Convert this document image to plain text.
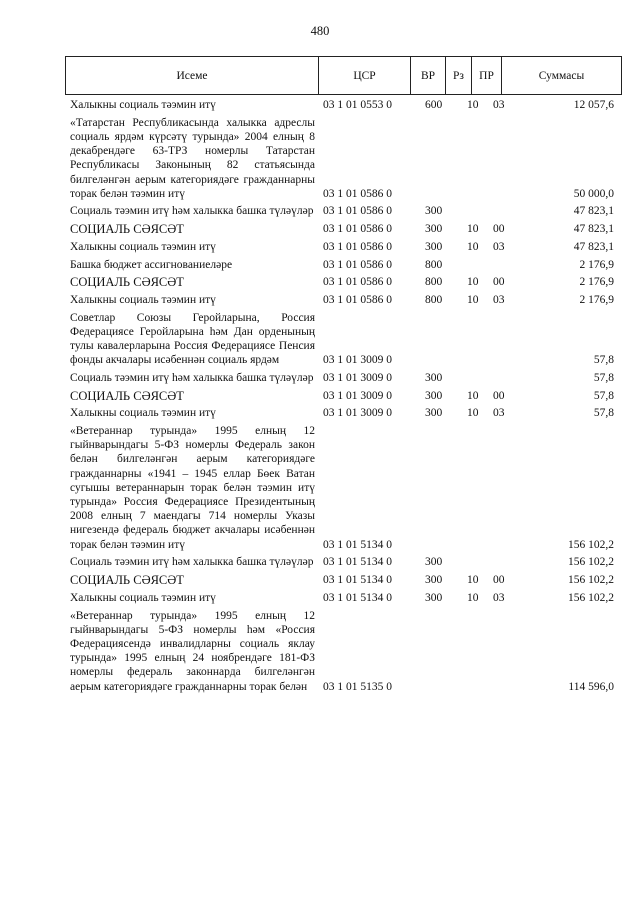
480
Исеме	ЦСР	ВР	Рз	ПР	Суммасы
Халыкны социаль тәэмин итү	03 1 01 0553 0	600 10 03	12 057,6
«Татарстан Республикасында халыкка адреслы социаль ярдәм күрсәтү турында» 2004 елның 8 декабрендәге 63-ТРЗ номерлы Татарстан Республикасы Законының 82 статьясында билгеләнгән аерым категориядәге гражданнарны торак белән тәэмин итү	03 1 01 0586 0	50 000,0
Социаль тәэмин итү һәм халыкка башка түләүләр 03 1 01 0586 0	300	47 823,1
СОЦИАЛЬ СӘЯСӘТ	03 1 01 0586 0	300 10 00	47 823,1
Халыкны социаль тәэмин итү	03 1 01 0586 0	300 10 03	47 823,1
Башка бюджет ассигнованиеләре	03 1 01 0586 0	800	2 176,9
СОЦИАЛЬ СӘЯСӘТ	03 1 01 0586 0	800 10 00	2 176,9
Халыкны социаль тәэмин итү	03 1 01 0586 0	800 10 03	2 176,9
Советлар Союзы Геройларына, Россия Федерациясе Геройларына һәм Дан орденының тулы кавалерларына Россия Федерациясе Пенсия фонды акчалары исәбеннән социаль ярдәм	03 1 01 3009 0	57,8
Социаль тәэмин итү һәм халыкка башка түләүләр 03 1 01 3009 0	300	57,8
СОЦИАЛЬ СӘЯСӘТ	03 1 01 3009 0	300 10 00	57,8
Халыкны социаль тәэмин итү	03 1 01 3009 0	300 10 03	57,8
«Ветераннар турында» 1995 елның 12 гыйнварындагы 5-ФЗ номерлы Федераль закон белән билгеләнгән аерым категориядәге гражданнарны «1941 – 1945 еллар Бөек Ватан сугышы ветераннарын торак белән тәэмин итү турында» Россия Федерациясе Президентының 2008 елның 7 маендагы 714 номерлы Указы нигезендә федераль бюджет акчалары исәбеннән торак белән тәэмин итү	03 1 01 5134 0	156 102,2
Социаль тәэмин итү һәм халыкка башка түләүләр 03 1 01 5134 0	300	156 102,2
СОЦИАЛЬ СӘЯСӘТ	03 1 01 5134 0	300 10 00	156 102,2
Халыкны социаль тәэмин итү	03 1 01 5134 0	300 10 03	156 102,2
«Ветераннар турында» 1995 елның 12 гыйнварындагы 5-ФЗ номерлы һәм «Россия Федерациясендә инвалидларны социаль яклау турында» 1995 елның 24 ноябрендәге 181-ФЗ номерлы федераль законнарда билгеләнгән аерым категориядәге гражданнарны торак белән	03 1 01 5135 0	114 596,0
